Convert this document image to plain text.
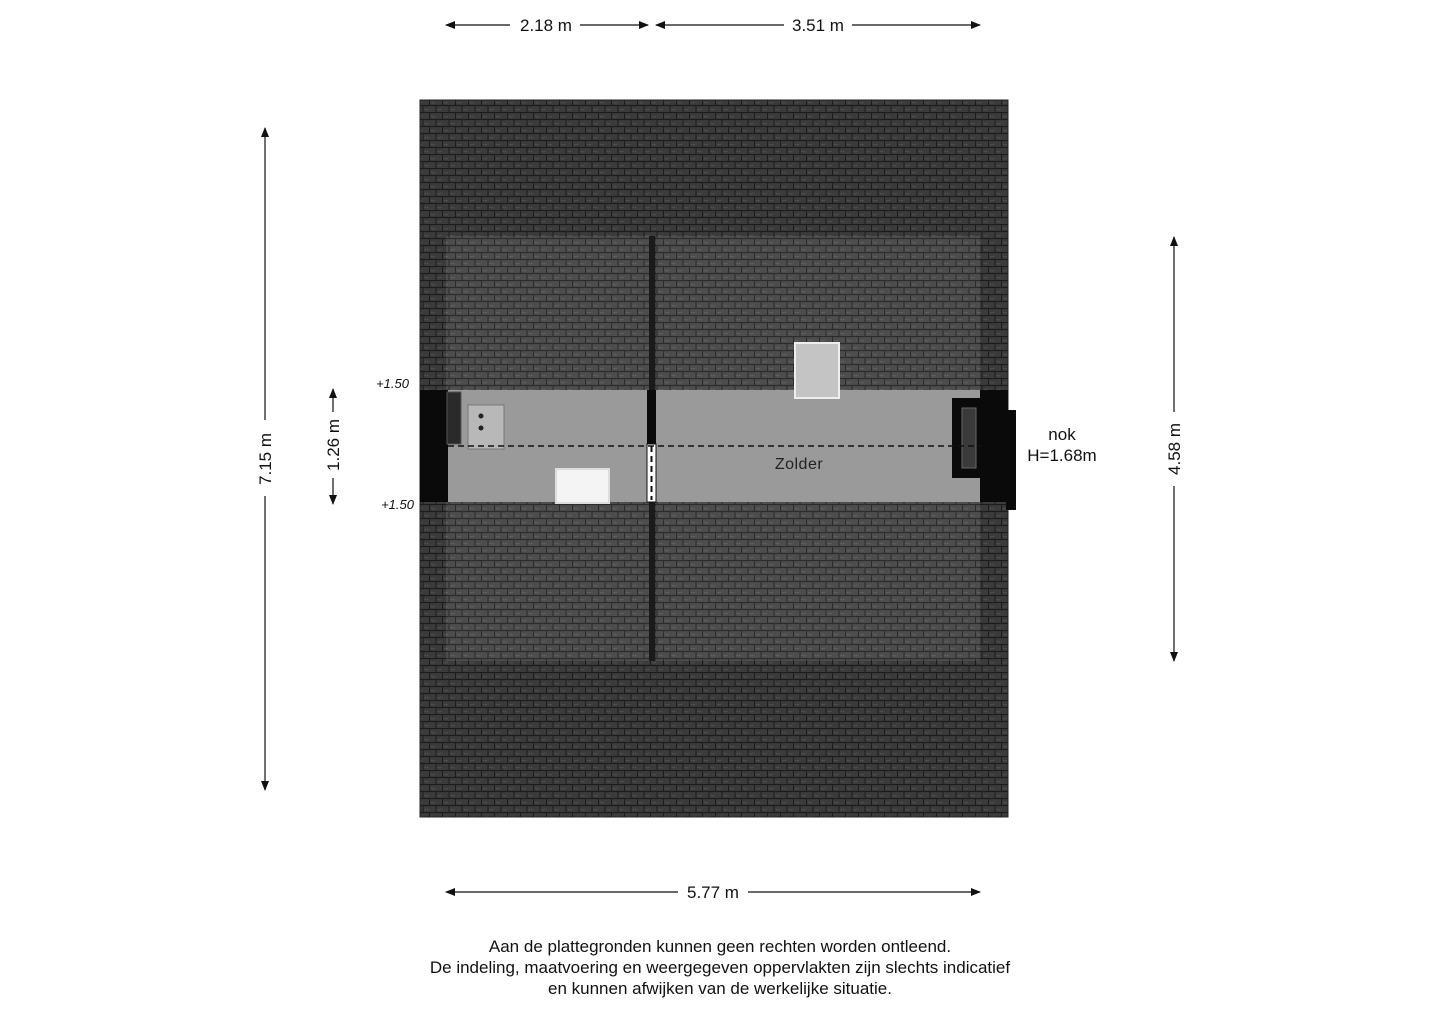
Zolder
nok
H=1.68m
+1.50
+1.50
2.18 m	3.51 m
5.77 m
7.15 m	1.26 m	4.58 m
Aan de plattegronden kunnen geen rechten worden ontleend.
De indeling, maatvoering en weergegeven oppervlakten zijn slechts indicatief
en kunnen afwijken van de werkelijke situatie.
